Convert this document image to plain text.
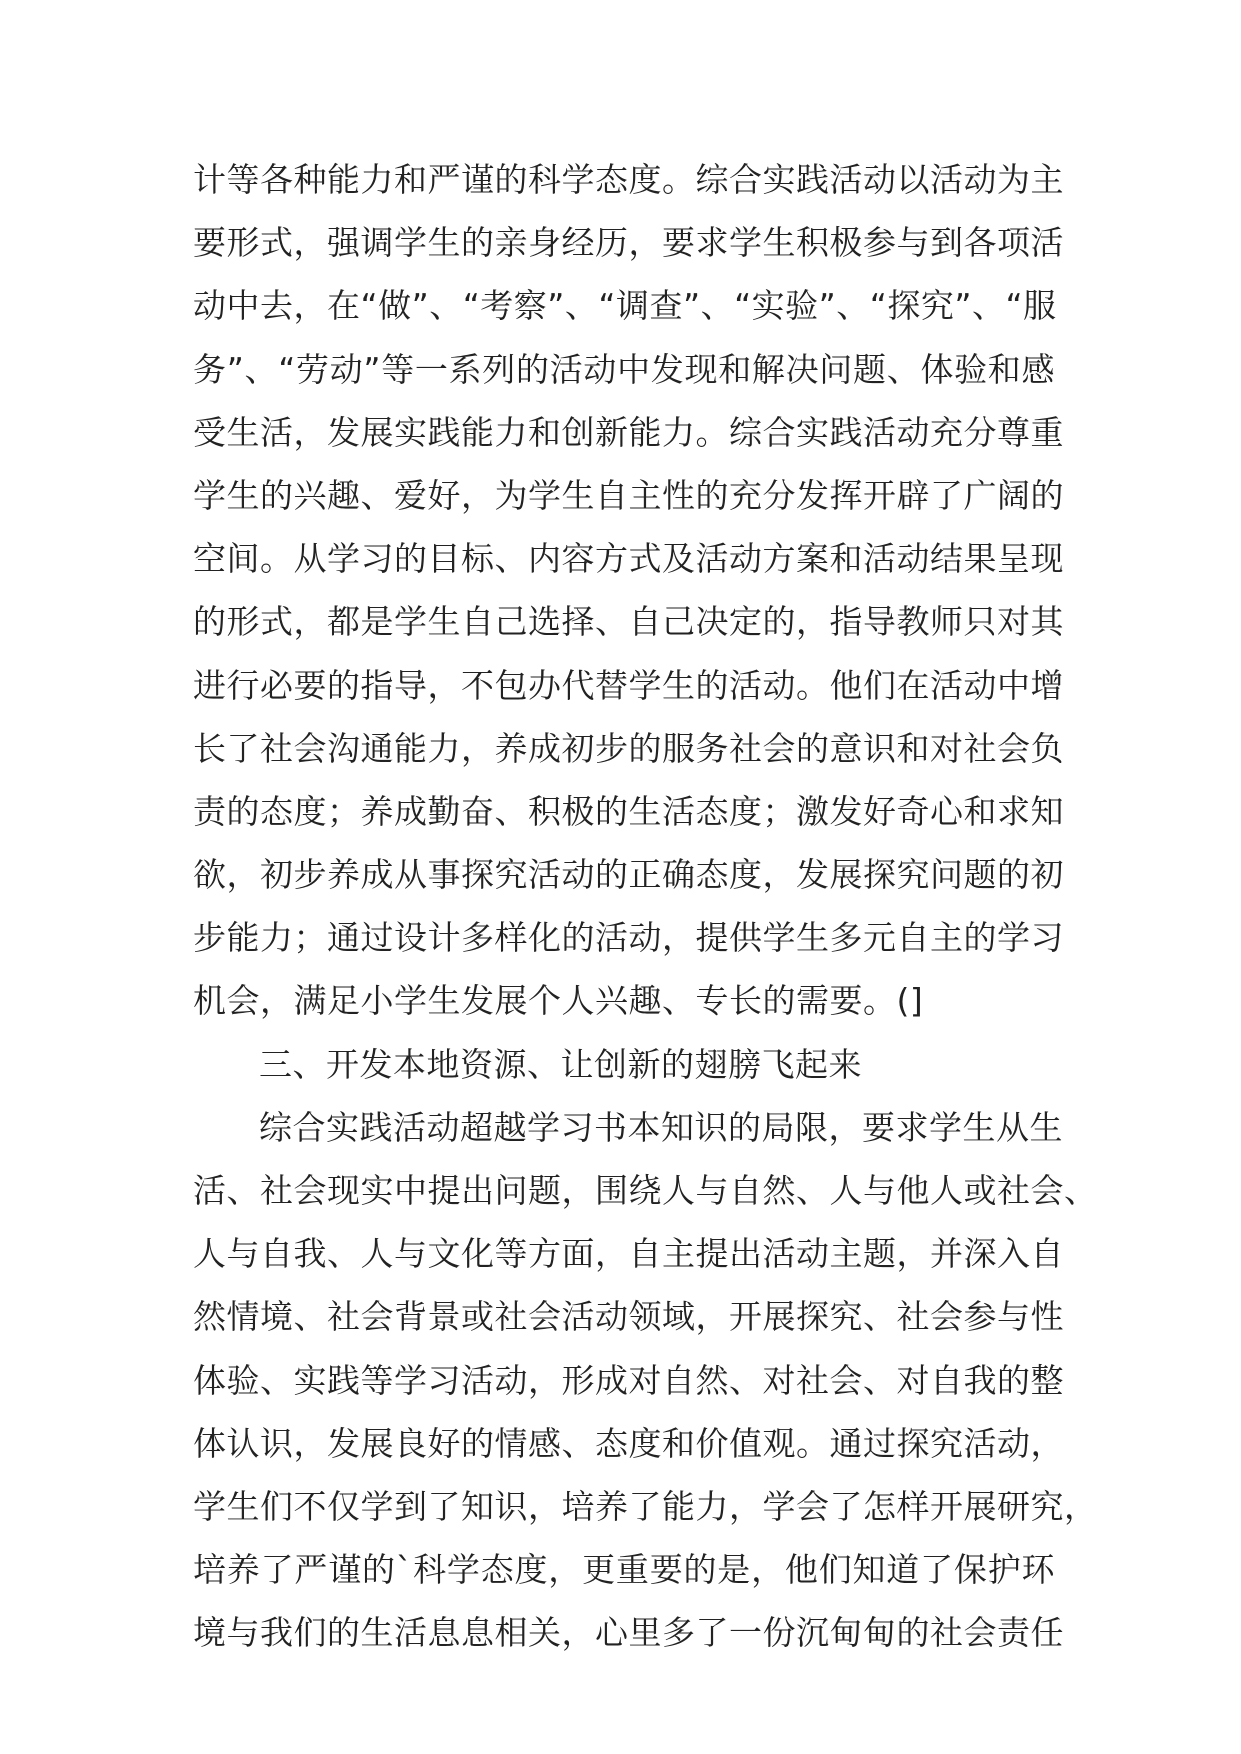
计等各种能力和严谨的科学态度。综合实践活动以活动为主
要形式，强调学生的亲身经历，要求学生积极参与到各项活
动中去，在“做”、“考察”、“调查”、“实验”、“探究”、“服
务”、“劳动”等一系列的活动中发现和解决问题、体验和感
受生活，发展实践能力和创新能力。综合实践活动充分尊重
学生的兴趣、爱好，为学生自主性的充分发挥开辟了广阔的
空间。从学习的目标、内容方式及活动方案和活动结果呈现
的形式，都是学生自己选择、自己决定的，指导教师只对其
进行必要的指导，不包办代替学生的活动。他们在活动中增
长了社会沟通能力，养成初步的服务社会的意识和对社会负
责的态度；养成勤奋、积极的生活态度；激发好奇心和求知
欲，初步养成从事探究活动的正确态度，发展探究问题的初
步能力；通过设计多样化的活动，提供学生多元自主的学习
机会，满足小学生发展个人兴趣、专长的需要。(]
三、开发本地资源、让创新的翅膀飞起来
综合实践活动超越学习书本知识的局限，要求学生从生
活、社会现实中提出问题，围绕人与自然、人与他人或社会、
人与自我、人与文化等方面，自主提出活动主题，并深入自
然情境、社会背景或社会活动领域，开展探究、社会参与性
体验、实践等学习活动，形成对自然、对社会、对自我的整
体认识，发展良好的情感、态度和价值观。通过探究活动，
学生们不仅学到了知识，培养了能力，学会了怎样开展研究，
培养了严谨的`科学态度，更重要的是，他们知道了保护环
境与我们的生活息息相关，心里多了一份沉甸甸的社会责任
